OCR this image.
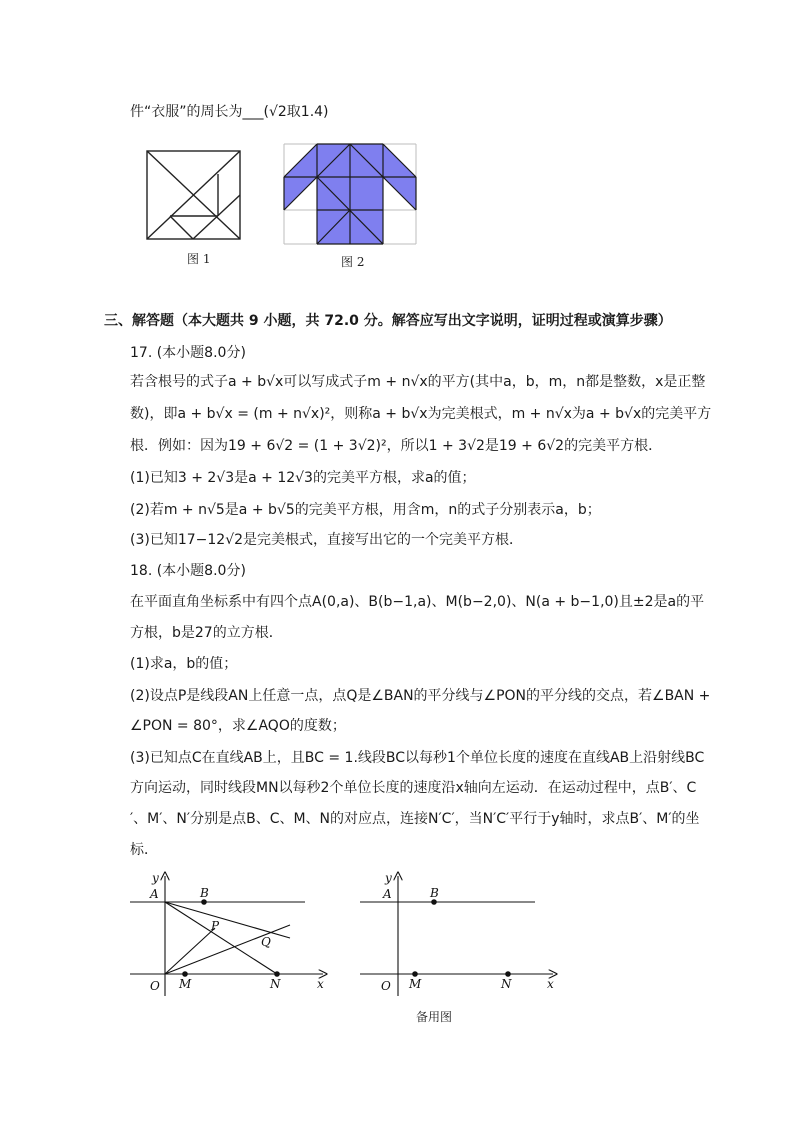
件“衣服”的周长为___(√2取1.4)
图 1	图 2
三、解答题（本大题共 9 小题，共 72.0 分。解答应写出文字说明，证明过程或演算步骤）
17. (本小题8.0分)
若含根号的式子a + b√x可以写成式子m + n√x的平方(其中a，b，m，n都是整数，x是正整
数)，即a + b√x = (m + n√x)²，则称a + b√x为完美根式，m + n√x为a + b√x的完美平方
根．例如：因为19 + 6√2 = (1 + 3√2)²，所以1 + 3√2是19 + 6√2的完美平方根．
(1)已知3 + 2√3是a + 12√3的完美平方根，求a的值；
(2)若m + n√5是a + b√5的完美平方根，用含m，n的式子分别表示a，b；
(3)已知17−12√2是完美根式，直接写出它的一个完美平方根．
18. (本小题8.0分)
在平面直角坐标系中有四个点A(0,a)、B(b−1,a)、M(b−2,0)、N(a + b−1,0)且±2是a的平
方根，b是27的立方根．
(1)求a，b的值；
(2)设点P是线段AN上任意一点，点Q是∠BAN的平分线与∠PON的平分线的交点，若∠BAN +
∠PON = 80°，求∠AQO的度数；
(3)已知点C在直线AB上，且BC = 1.线段BC以每秒1个单位长度的速度在直线AB上沿射线BC
方向运动，同时线段MN以每秒2个单位长度的速度沿x轴向左运动．在运动过程中，点B′、C
′、M′、N′分别是点B、C、M、N的对应点，连接N′C′，当N′C′平行于y轴时，求点B′、M′的坐
标．
y
A	B
P
Q
O M	N	x
y
A	B
O M	N	x
备用图
